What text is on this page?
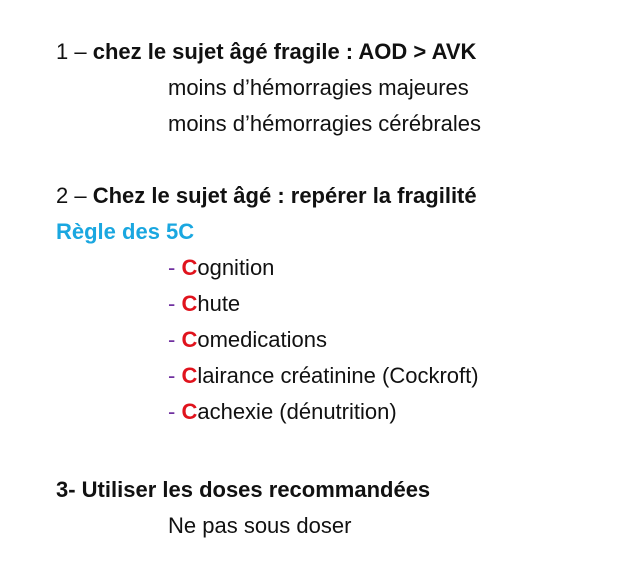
1 – chez le sujet âgé fragile : AOD > AVK
moins d’hémorragies majeures
moins d’hémorragies cérébrales
2 – Chez le sujet âgé : repérer la fragilité
Règle des 5C
- Cognition
- Chute
- Comedications
- Clairance créatinine (Cockroft)
- Cachexie (dénutrition)
3- Utiliser les doses recommandées
Ne pas sous doser
